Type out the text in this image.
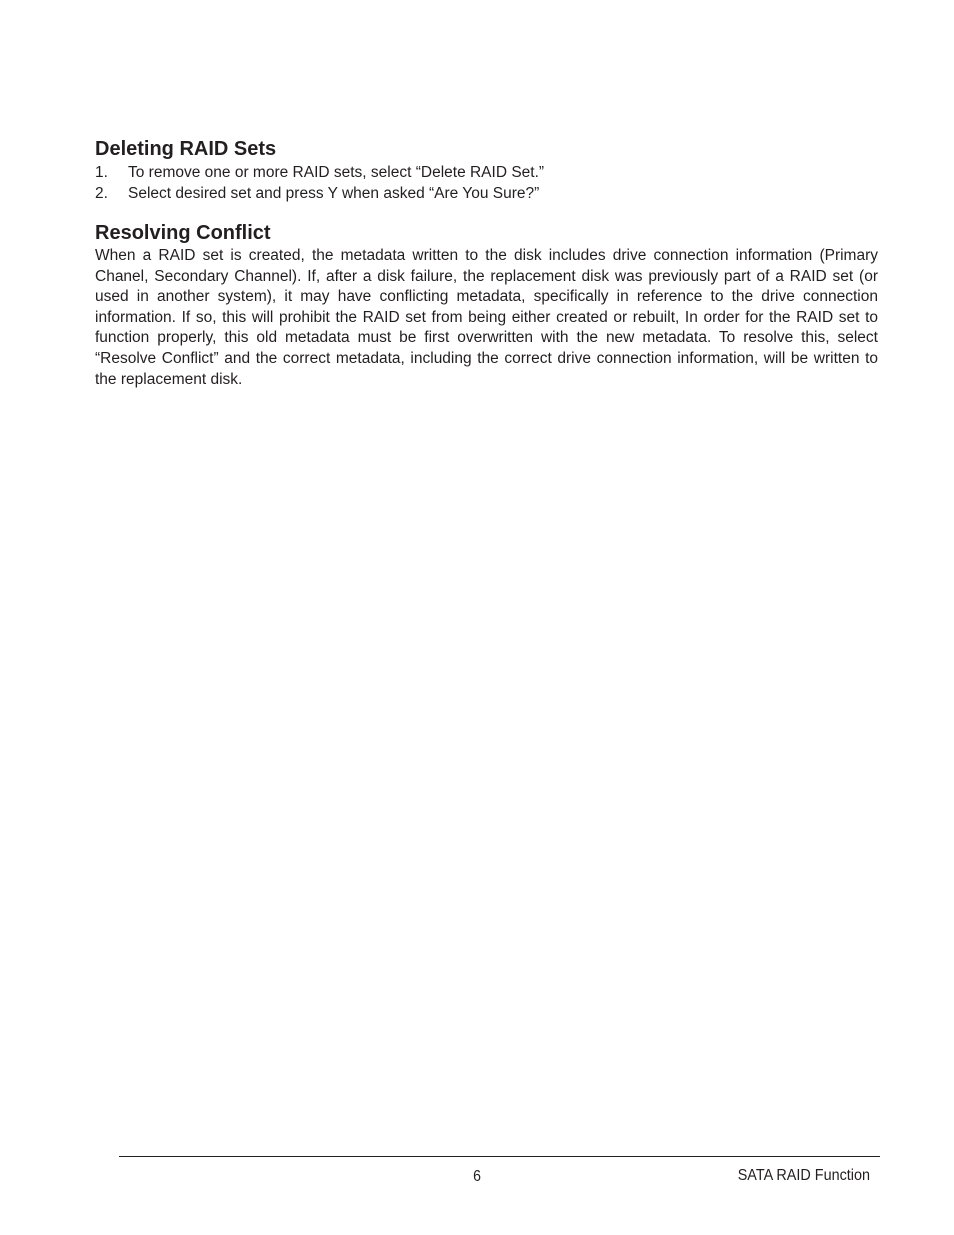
Deleting RAID Sets
1. To remove one or more RAID sets, select “Delete RAID Set.”
2. Select desired set and press Y when asked “Are You Sure?”
Resolving Conflict

When a RAID set is created, the metadata written to the disk includes drive connection information (Primary Chanel, Secondary Channel). If, after a disk failure, the replacement disk was previously part of a RAID set (or used in another system), it may have conflicting metadata, specifically in reference to the drive connection information. If so, this will prohibit the RAID set from being either created or rebuilt, In order for the RAID set to function properly, this old metadata must be first overwritten with the new metadata. To resolve this, select “Resolve Conflict” and the correct metadata, including the correct drive connection information, will be written to the replacement disk.

6	SATA RAID Function
